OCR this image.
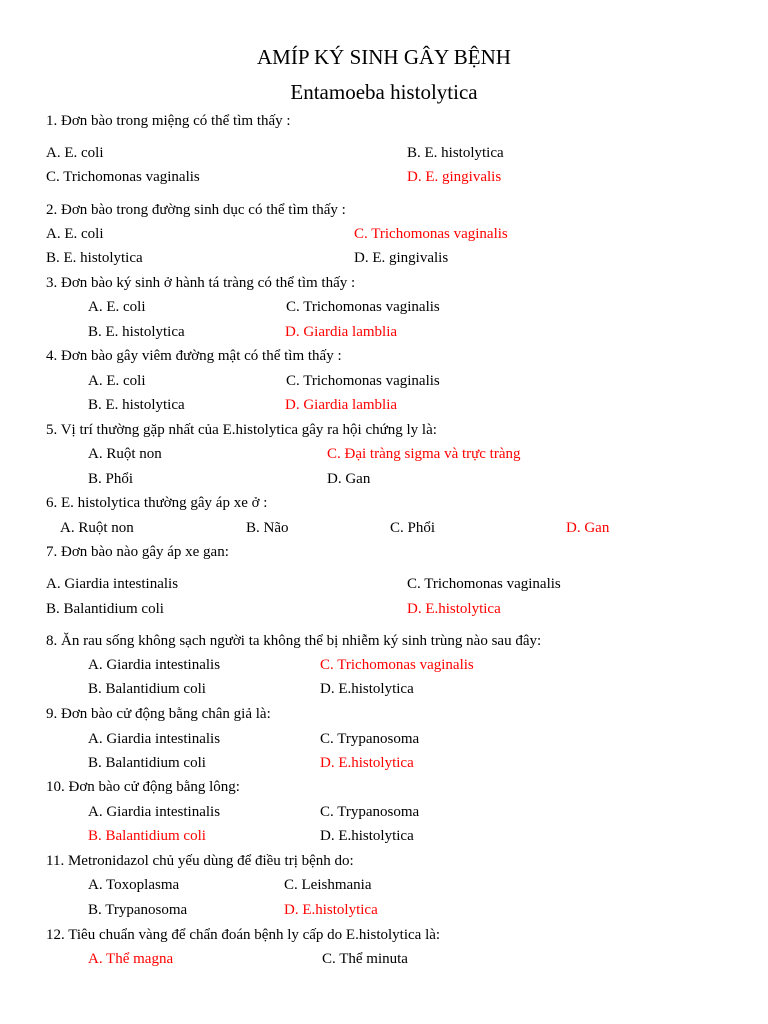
AMÍP KÝ SINH GÂY BỆNH
Entamoeba histolytica
1. Đơn bào trong miệng có thể tìm thấy :
A. E. coli	B. E. histolytica
C. Trichomonas vaginalis	D. E. gingivalis
2. Đơn bào trong đường sinh dục có thể tìm thấy :
A. E. coli	C. Trichomonas vaginalis
B. E. histolytica	D. E. gingivalis
3. Đơn bào ký sinh ở hành tá tràng có thể tìm thấy :
A. E. coli	C. Trichomonas vaginalis
B. E. histolytica	D. Giardia lamblia
4. Đơn bào gây viêm đường mật có thể tìm thấy :
A. E. coli	C. Trichomonas vaginalis
B. E. histolytica	D. Giardia lamblia
5. Vị trí thường gặp nhất của E.histolytica gây ra hội chứng ly là:
A. Ruột non	C. Đại tràng sigma và trực tràng
B. Phổi	D. Gan
6. E. histolytica thường gây áp xe ở :
A. Ruột non	B. Não	C. Phổi	D. Gan
7. Đơn bào nào gây áp xe gan:
A. Giardia intestinalis	C. Trichomonas vaginalis
B. Balantidium coli	D. E.histolytica
8. Ăn rau sống không sạch người ta không thể bị nhiễm ký sinh trùng nào sau đây:
A. Giardia intestinalis	C. Trichomonas vaginalis
B. Balantidium coli	D. E.histolytica
9. Đơn bào cử động bằng chân giả là:
A. Giardia intestinalis	C. Trypanosoma
B. Balantidium coli	D. E.histolytica
10. Đơn bào cử động bằng lông:
A. Giardia intestinalis	C. Trypanosoma
B. Balantidium coli	D. E.histolytica
11. Metronidazol chủ yếu dùng để điều trị bệnh do:
A. Toxoplasma	C. Leishmania
B. Trypanosoma	D. E.histolytica
12. Tiêu chuẩn vàng để chẩn đoán bệnh ly cấp do E.histolytica là:
A. Thể magna	C. Thể minuta
